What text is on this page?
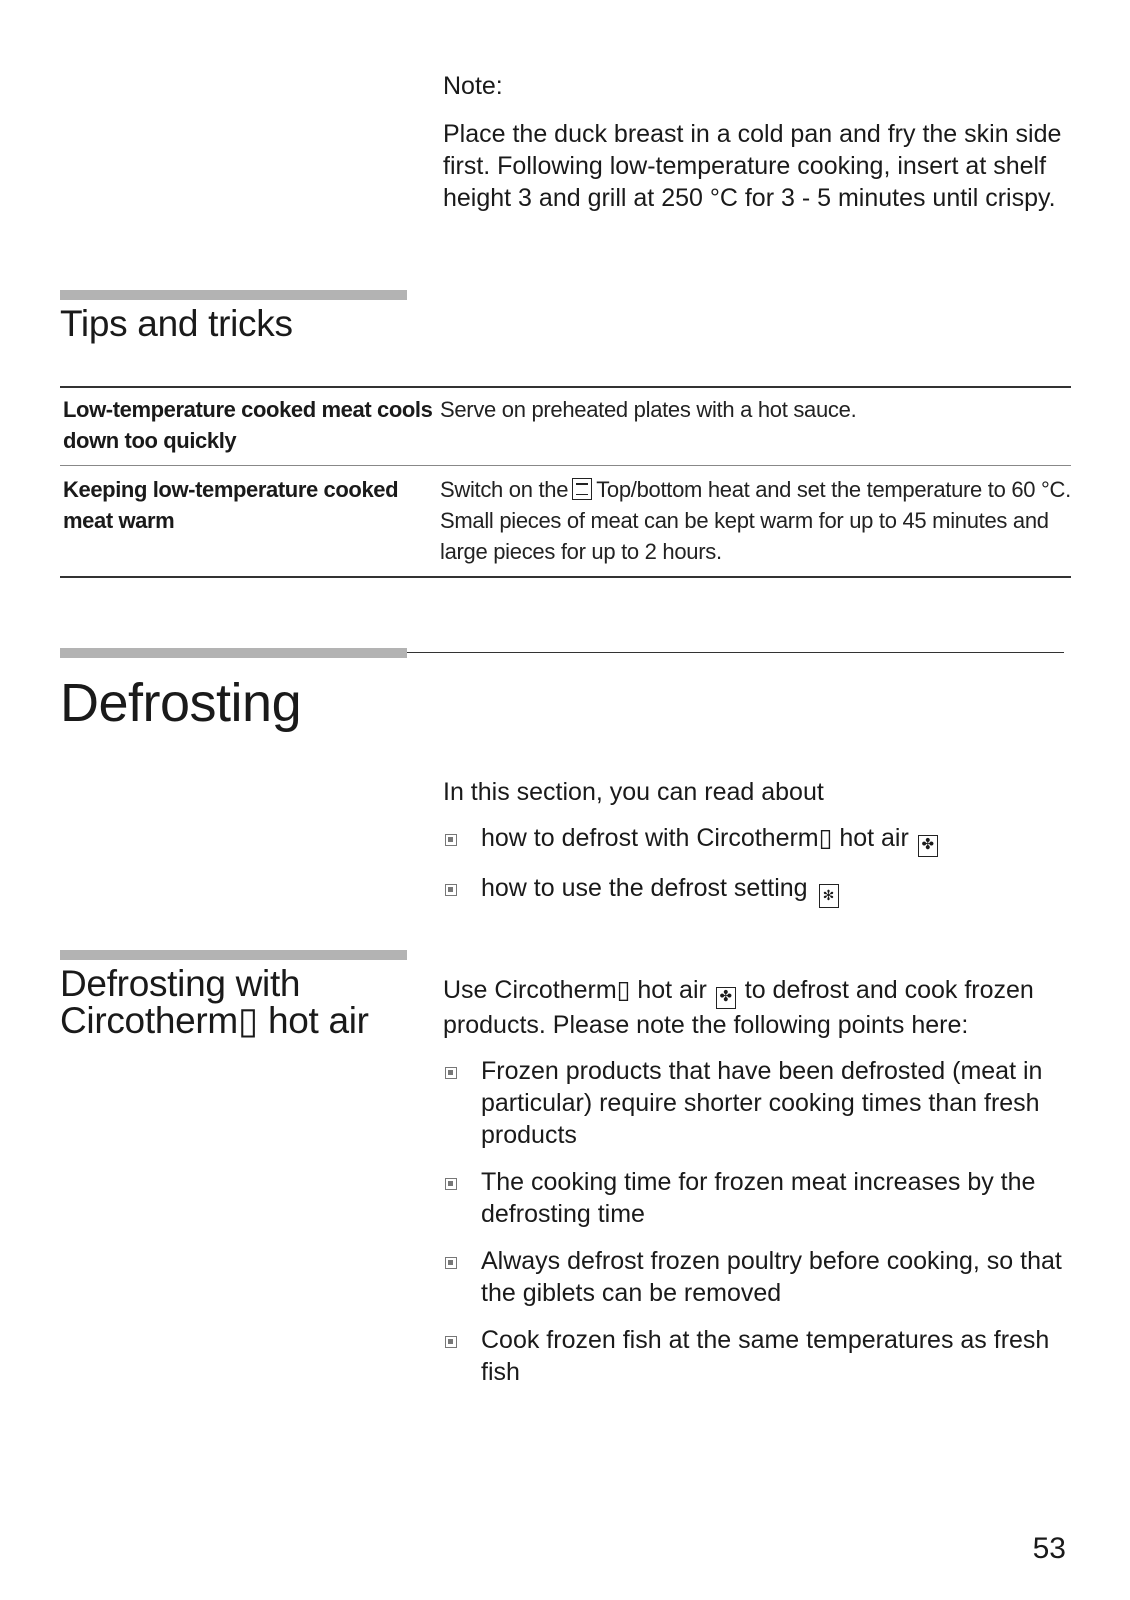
Note:
Place the duck breast in a cold pan and fry the skin side first. Following low-temperature cooking, insert at shelf height 3 and grill at 250 °C for 3 - 5 minutes until crispy.
Tips and tricks
Low-temperature cooked meat cools down too quickly	Serve on preheated plates with a hot sauce.
Keeping low-temperature cooked meat warm	Switch on the Top/bottom heat and set the temperature to 60 °C. Small pieces of meat can be kept warm for up to 45 minutes and large pieces for up to 2 hours.
Defrosting
In this section, you can read about
how to defrost with Circotherm▯ hot air ✤
how to use the defrost setting ✻
Defrosting with
Circotherm▯ hot air
Use Circotherm▯ hot air ✤ to defrost and cook frozen products. Please note the following points here:
Frozen products that have been defrosted (meat in particular) require shorter cooking times than fresh products
The cooking time for frozen meat increases by the defrosting time
Always defrost frozen poultry before cooking, so that the giblets can be removed
Cook frozen fish at the same temperatures as fresh fish
53
